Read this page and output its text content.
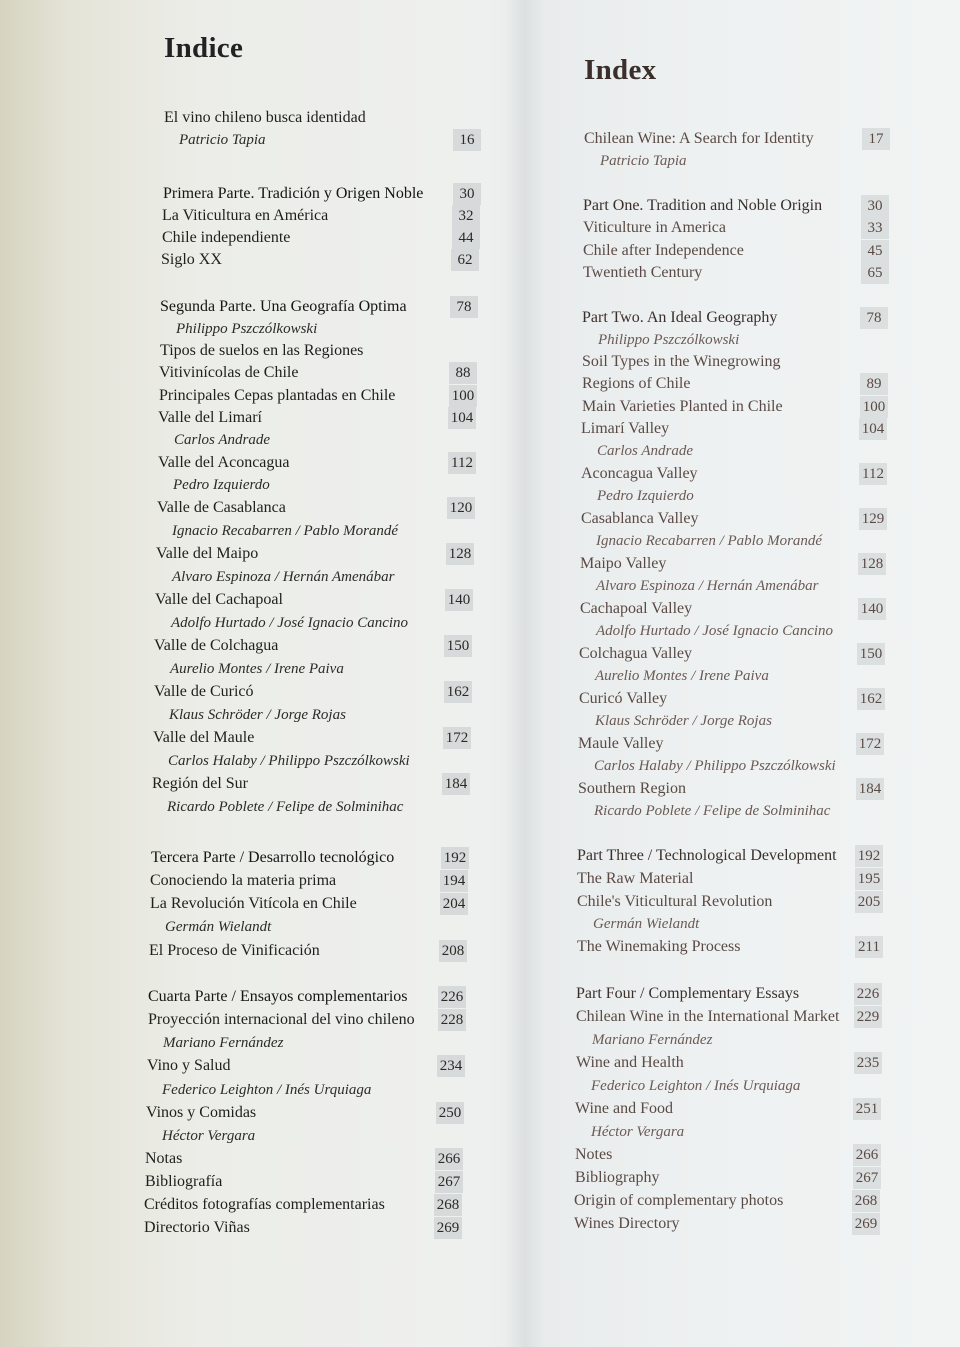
Indice
El vino chileno busca identidad
Patricio Tapia	16
Primera Parte. Tradición y Origen Noble	30
La Viticultura en América	32
Chile independiente	44
Siglo XX	62
Segunda Parte. Una Geografía Optima	78
Philippo Pszczólkowski
Tipos de suelos en las Regiones
Vitivinícolas de Chile	88
Principales Cepas plantadas en Chile	100
Valle del Limarí	104
Carlos Andrade
Valle del Aconcagua	112
Pedro Izquierdo
Valle de Casablanca	120
Ignacio Recabarren / Pablo Morandé
Valle del Maipo	128
Alvaro Espinoza / Hernán Amenábar
Valle del Cachapoal	140
Adolfo Hurtado / José Ignacio Cancino
Valle de Colchagua	150
Aurelio Montes / Irene Paiva
Valle de Curicó	162
Klaus Schröder / Jorge Rojas
Valle del Maule	172
Carlos Halaby / Philippo Pszczólkowski
Región del Sur	184
Ricardo Poblete / Felipe de Solminihac
Tercera Parte / Desarrollo tecnológico	192
Conociendo la materia prima	194
La Revolución Vitícola en Chile	204
Germán Wielandt
El Proceso de Vinificación	208
Cuarta Parte / Ensayos complementarios 226
Proyección internacional del vino chileno 228
Mariano Fernández
Vino y Salud	234
Federico Leighton / Inés Urquiaga
Vinos y Comidas	250
Héctor Vergara
Notas	266
Bibliografía	267
Créditos fotografías complementarias	268
Directorio Viñas	269
Index
Chilean Wine: A Search for Identity	17
Patricio Tapia
Part One. Tradition and Noble Origin	30
Viticulture in America	33
Chile after Independence	45
Twentieth Century	65
Part Two. An Ideal Geography	78
Philippo Pszczólkowski
Soil Types in the Winegrowing
Regions of Chile	89
Main Varieties Planted in Chile	100
Limarí Valley	104
Carlos Andrade
Aconcagua Valley	112
Pedro Izquierdo
Casablanca Valley	129
Ignacio Recabarren / Pablo Morandé
Maipo Valley	128
Alvaro Espinoza / Hernán Amenábar
Cachapoal Valley	140
Adolfo Hurtado / José Ignacio Cancino
Colchagua Valley	150
Aurelio Montes / Irene Paiva
Curicó Valley	162
Klaus Schröder / Jorge Rojas
Maule Valley	172
Carlos Halaby / Philippo Pszczólkowski
Southern Region	184
Ricardo Poblete / Felipe de Solminihac
Part Three / Technological Development 192
The Raw Material	195
Chile's Viticultural Revolution	205
Germán Wielandt
The Winemaking Process	211
Part Four / Complementary Essays	226
Chilean Wine in the International Market 229
Mariano Fernández
Wine and Health	235
Federico Leighton / Inés Urquiaga
Wine and Food	251
Héctor Vergara
Notes	266
Bibliography	267
Origin of complementary photos	268
Wines Directory	269
